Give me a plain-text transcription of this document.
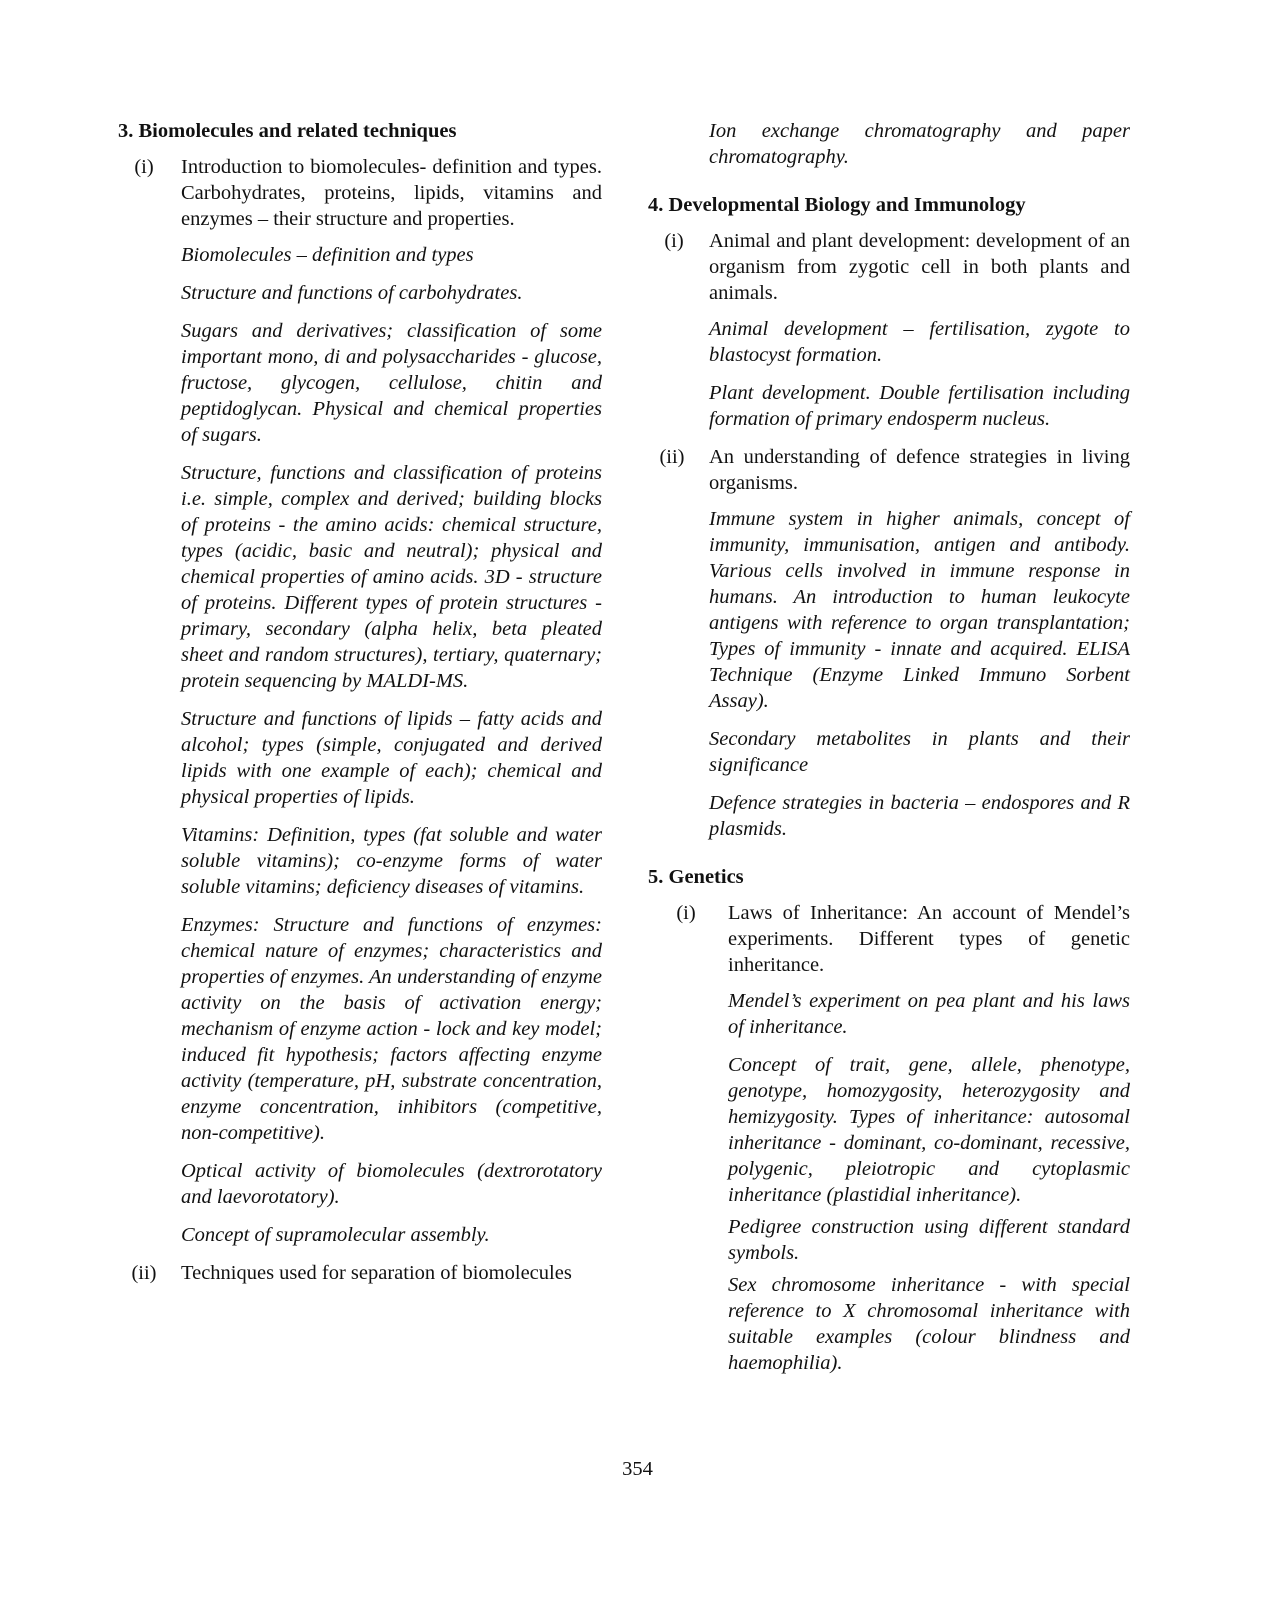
3. Biomolecules and related techniques
(i)	Introduction to biomolecules- definition and types. Carbohydrates, proteins, lipids, vitamins and enzymes – their structure and properties.
Biomolecules – definition and types
Structure and functions of carbohydrates.
Sugars and derivatives; classification of some important mono, di and polysaccharides - glucose, fructose, glycogen, cellulose, chitin and peptidoglycan. Physical and chemical properties of sugars.
Structure, functions and classification of proteins i.e. simple, complex and derived; building blocks of proteins - the amino acids: chemical structure, types (acidic, basic and neutral); physical and chemical properties of amino acids. 3D - structure of proteins. Different types of protein structures - primary, secondary (alpha helix, beta pleated sheet and random structures), tertiary, quaternary; protein sequencing by MALDI-MS.
Structure and functions of lipids – fatty acids and alcohol; types (simple, conjugated and derived lipids with one example of each); chemical and physical properties of lipids.
Vitamins: Definition, types (fat soluble and water soluble vitamins); co-enzyme forms of water soluble vitamins; deficiency diseases of vitamins.
Enzymes: Structure and functions of enzymes: chemical nature of enzymes; characteristics and properties of enzymes. An understanding of enzyme activity on the basis of activation energy; mechanism of enzyme action - lock and key model; induced fit hypothesis; factors affecting enzyme activity (temperature, pH, substrate concentration, enzyme concentration, inhibitors (competitive, non-competitive).
Optical activity of biomolecules (dextrorotatory and laevorotatory).
Concept of supramolecular assembly.
(ii)	Techniques used for separation of biomolecules
Ion exchange chromatography and paper chromatography.
4. Developmental Biology and Immunology
(i)	Animal and plant development: development of an organism from zygotic cell in both plants and animals.
Animal development – fertilisation, zygote to blastocyst formation.
Plant development. Double fertilisation including formation of primary endosperm nucleus.
(ii)	An understanding of defence strategies in living organisms.
Immune system in higher animals, concept of immunity, immunisation, antigen and antibody. Various cells involved in immune response in humans. An introduction to human leukocyte antigens with reference to organ transplantation; Types of immunity - innate and acquired. ELISA Technique (Enzyme Linked Immuno Sorbent Assay).
Secondary metabolites in plants and their significance
Defence strategies in bacteria – endospores and R plasmids.
5. Genetics
(i)	Laws of Inheritance: An account of Mendel’s experiments. Different types of genetic inheritance.
Mendel’s experiment on pea plant and his laws of inheritance.
Concept of trait, gene, allele, phenotype, genotype, homozygosity, heterozygosity and hemizygosity. Types of inheritance: autosomal inheritance - dominant, co-dominant, recessive, polygenic, pleiotropic and cytoplasmic inheritance (plastidial inheritance).
Pedigree construction using different standard symbols.
Sex chromosome inheritance - with special reference to X chromosomal inheritance with suitable examples (colour blindness and haemophilia).
354
